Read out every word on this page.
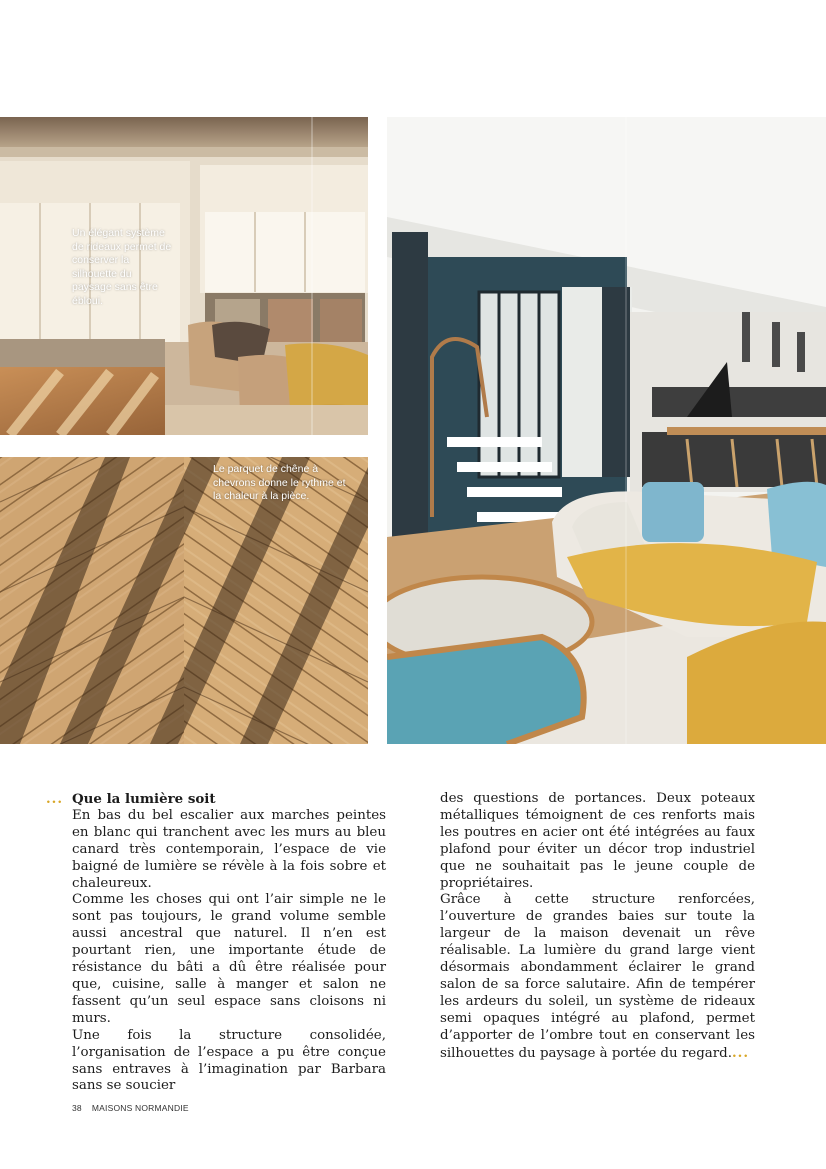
Un élégant système de rideaux permet de conserver la silhouette du paysage sans être ébloui.
Le parquet de chêne à chevrons donne le rythme et la chaleur à la pièce.
... Que la lumière soit

En bas du bel escalier aux marches peintes en blanc qui tranchent avec les murs au bleu canard très contemporain, l’espace de vie baigné de lumière se révèle à la fois sobre et chaleureux.

Comme les choses qui ont l’air simple ne le sont pas toujours, le grand volume semble aussi ancestral que naturel. Il n’en est pourtant rien, une importante étude de résistance du bâti a dû être réalisée pour que, cuisine, salle à manger et salon ne fassent qu’un seul espace sans cloisons ni murs.

Une fois la structure consolidée, l’organisation de l’espace a pu être conçue sans entraves à l’imagination par Barbara sans se soucier

des questions de portances. Deux poteaux métalliques témoignent de ces renforts mais les poutres en acier ont été intégrées au faux plafond pour éviter un décor trop industriel que ne souhaitait pas le jeune couple de propriétaires.

Grâce à cette structure renforcées, l’ouverture de grandes baies sur toute la largeur de la maison devenait un rêve réalisable. La lumière du grand large vient désormais abondamment éclairer le grand salon de sa force salutaire. Afin de tempérer les ardeurs du soleil, un système de rideaux semi opaques intégré au plafond, permet d’apporter de l’ombre tout en conservant les silhouettes du paysage à portée du regard....

38 MAISONS NORMANDIE
